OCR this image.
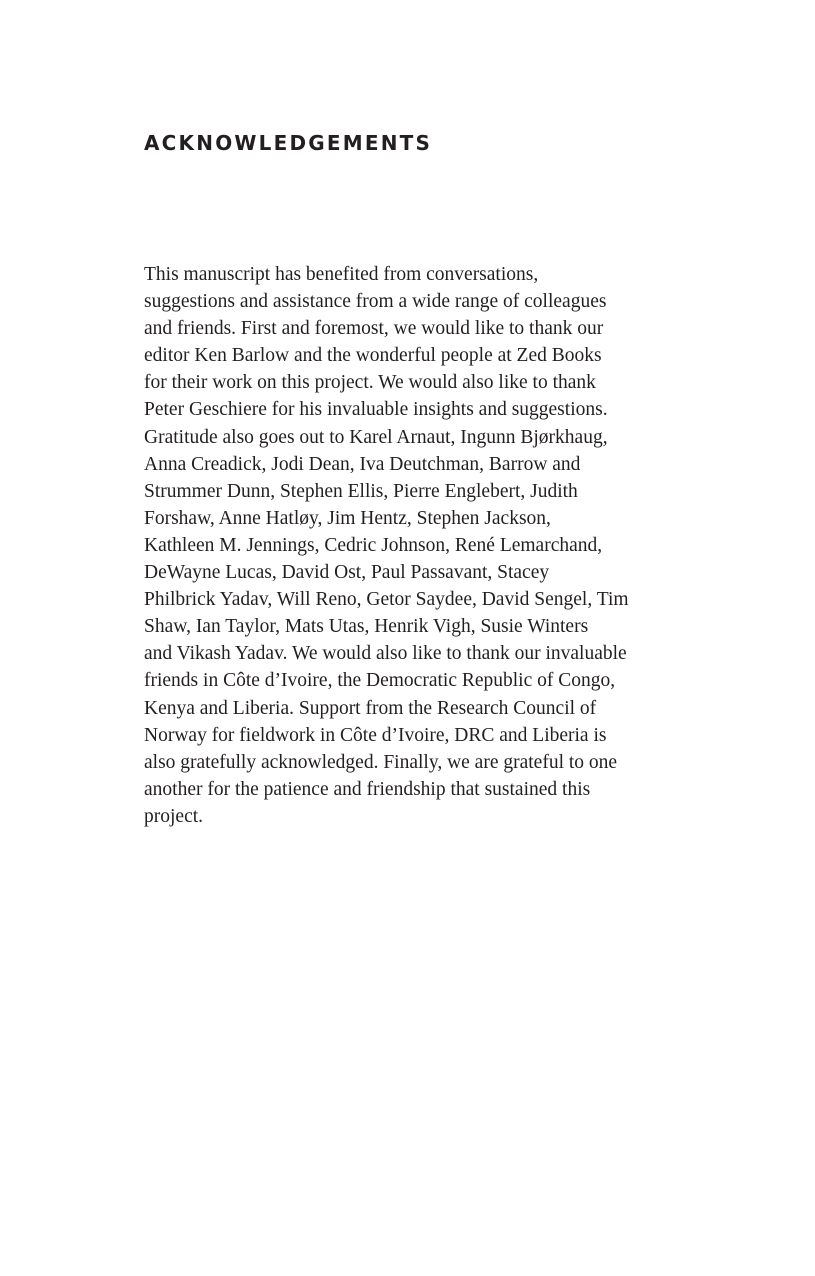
ACKNOWLEDGEMENTS
This manuscript has benefited from conversations,
suggestions and assistance from a wide range of colleagues
and friends. First and foremost, we would like to thank our
editor Ken Barlow and the wonderful people at Zed Books
for their work on this project. We would also like to thank
Peter Geschiere for his invaluable insights and suggestions.
Gratitude also goes out to Karel Arnaut, Ingunn Bjørkhaug,
Anna Creadick, Jodi Dean, Iva Deutchman, Barrow and
Strummer Dunn, Stephen Ellis, Pierre Englebert, Judith
Forshaw, Anne Hatløy, Jim Hentz, Stephen Jackson,
Kathleen M. Jennings, Cedric Johnson, René Lemarchand,
DeWayne Lucas, David Ost, Paul Passavant, Stacey
Philbrick Yadav, Will Reno, Getor Saydee, David Sengel, Tim
Shaw, Ian Taylor, Mats Utas, Henrik Vigh, Susie Winters
and Vikash Yadav. We would also like to thank our invaluable
friends in Côte d’Ivoire, the Democratic Republic of Congo,
Kenya and Liberia. Support from the Research Council of
Norway for fieldwork in Côte d’Ivoire, DRC and Liberia is
also gratefully acknowledged. Finally, we are grateful to one
another for the patience and friendship that sustained this
project.
